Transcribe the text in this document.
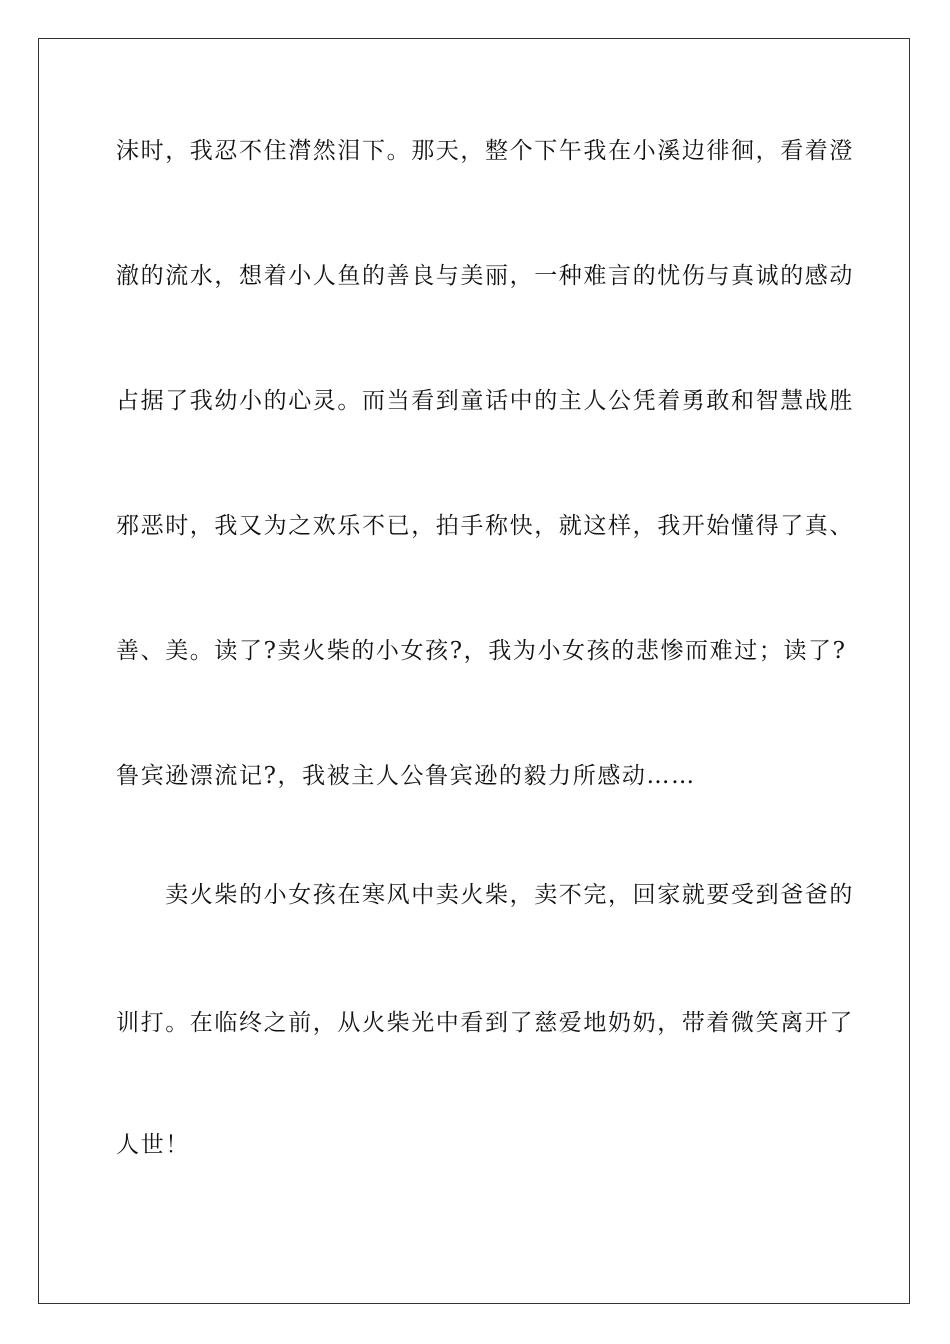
沫时，我忍不住潸然泪下。那天，整个下午我在小溪边徘徊，看着澄
澈的流水，想着小人鱼的善良与美丽，一种难言的忧伤与真诚的感动
占据了我幼小的心灵。而当看到童话中的主人公凭着勇敢和智慧战胜
邪恶时，我又为之欢乐不已，拍手称快，就这样，我开始懂得了真、
善、美。读了?卖火柴的小女孩?，我为小女孩的悲惨而难过；读了?
鲁宾逊漂流记?，我被主人公鲁宾逊的毅力所感动……
　　卖火柴的小女孩在寒风中卖火柴，卖不完，回家就要受到爸爸的
训打。在临终之前，从火柴光中看到了慈爱地奶奶，带着微笑离开了
人世！
